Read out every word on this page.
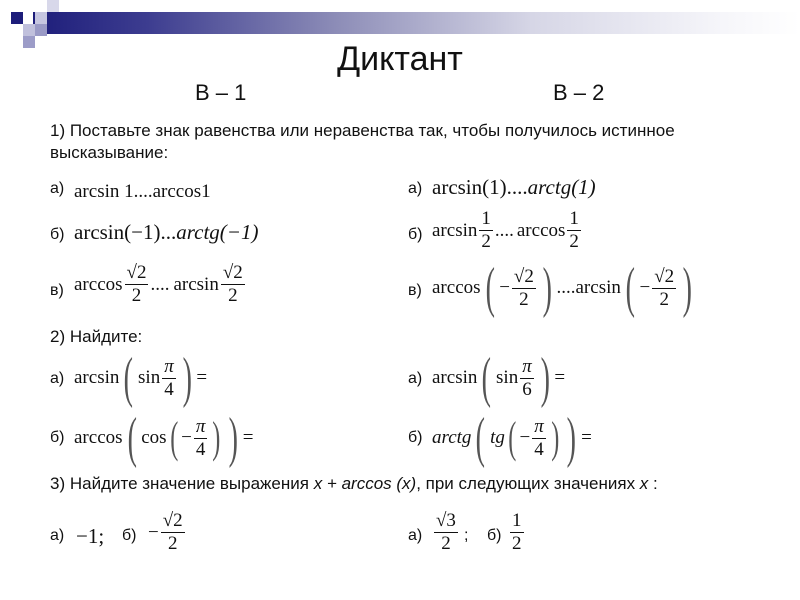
Диктант
В – 1	В – 2
1) Поставьте знак равенства или неравенства так, чтобы получилось истинное
высказывание:
а) arcsin 1....arccos1
б) arcsin(−1) ... arctg(−1)
в) $\arccos \frac{√2}{2}$ .... $\arcsin \frac{√2}{2}$
а) arcsin(1) .... arctg(1)
б) $\arcsin \frac{1}{2}$ .... $\arccos \frac{1}{2}$
в) arccos ( − $\frac{√2}{2}$ ) .... arcsin ( − $\frac{√2}{2}$ )
2) Найдите:
а) arcsin ( $\sin \frac{\pi}{4}$ ) =
б) arccos ( cos ( − $\frac{\pi}{4}$ ) ) =
а) arcsin ( $\sin \frac{\pi}{6}$ ) =
б) arctg ( tg ( − $\frac{\pi}{4}$ ) ) =
3) Найдите значение выражения x + arccos (x), при следующих значениях x :
а) −1; $б) - \frac{√2}{2}$	$а) \frac{√3}{2}$ ; $б) \frac{1}{2}$
